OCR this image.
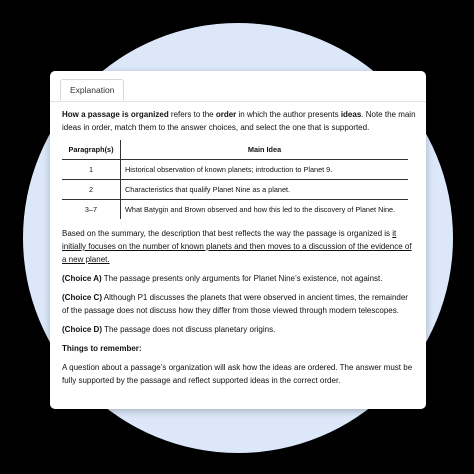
Explanation

How a passage is organized refers to the order in which the author presents ideas. Note the main ideas in order, match them to the answer choices, and select the one that is supported.

Paragraph(s)	Main Idea
1	Historical observation of known planets; introduction to Planet 9.
2	Characteristics that qualify Planet Nine as a planet.
3–7	What Batygin and Brown observed and how this led to the discovery of Planet Nine.

Based on the summary, the description that best reflects the way the passage is organized is it initially focuses on the number of known planets and then moves to a discussion of the evidence of a new planet.

(Choice A) The passage presents only arguments for Planet Nine’s existence, not against.

(Choice C) Although P1 discusses the planets that were observed in ancient times, the remainder of the passage does not discuss how they differ from those viewed through modern telescopes.

(Choice D) The passage does not discuss planetary origins.

Things to remember:

A question about a passage’s organization will ask how the ideas are ordered. The answer must be fully supported by the passage and reflect supported ideas in the correct order.
